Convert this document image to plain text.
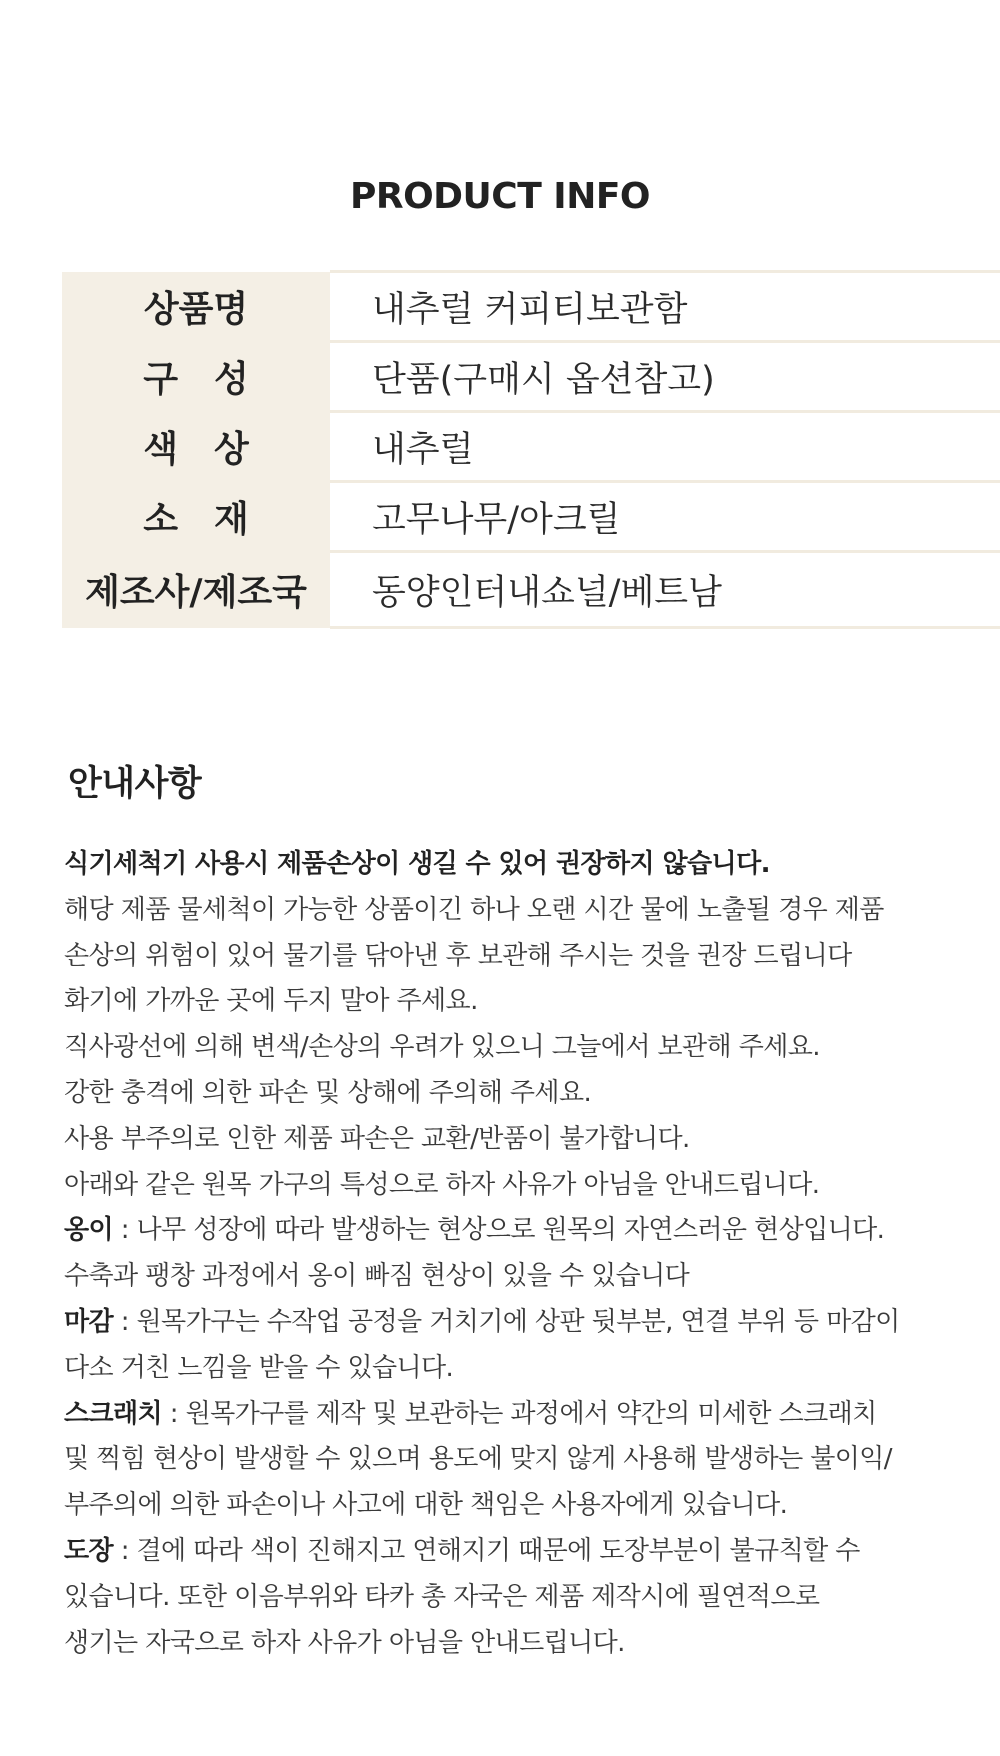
PRODUCT INFO
상품명	내추럴 커피티보관함
구　성	단품(구매시 옵션참고)
색　상	내추럴
소　재	고무나무/아크릴
제조사/제조국	동양인터내쇼널/베트남
안내사항
식기세척기 사용시 제품손상이 생길 수 있어 권장하지 않습니다.
해당 제품 물세척이 가능한 상품이긴 하나 오랜 시간 물에 노출될 경우 제품
손상의 위험이 있어 물기를 닦아낸 후 보관해 주시는 것을 권장 드립니다
화기에 가까운 곳에 두지 말아 주세요.
직사광선에 의해 변색/손상의 우려가 있으니 그늘에서 보관해 주세요.
강한 충격에 의한 파손 및 상해에 주의해 주세요.
사용 부주의로 인한 제품 파손은 교환/반품이 불가합니다.
아래와 같은 원목 가구의 특성으로 하자 사유가 아님을 안내드립니다.
옹이 : 나무 성장에 따라 발생하는 현상으로 원목의 자연스러운 현상입니다.
수축과 팽창 과정에서 옹이 빠짐 현상이 있을 수 있습니다
마감 : 원목가구는 수작업 공정을 거치기에 상판 뒷부분, 연결 부위 등 마감이
다소 거친 느낌을 받을 수 있습니다.
스크래치 : 원목가구를 제작 및 보관하는 과정에서 약간의 미세한 스크래치
및 찍힘 현상이 발생할 수 있으며 용도에 맞지 않게 사용해 발생하는 불이익/
부주의에 의한 파손이나 사고에 대한 책임은 사용자에게 있습니다.
도장 : 결에 따라 색이 진해지고 연해지기 때문에 도장부분이 불규칙할 수
있습니다. 또한 이음부위와 타카 총 자국은 제품 제작시에 필연적으로
생기는 자국으로 하자 사유가 아님을 안내드립니다.
